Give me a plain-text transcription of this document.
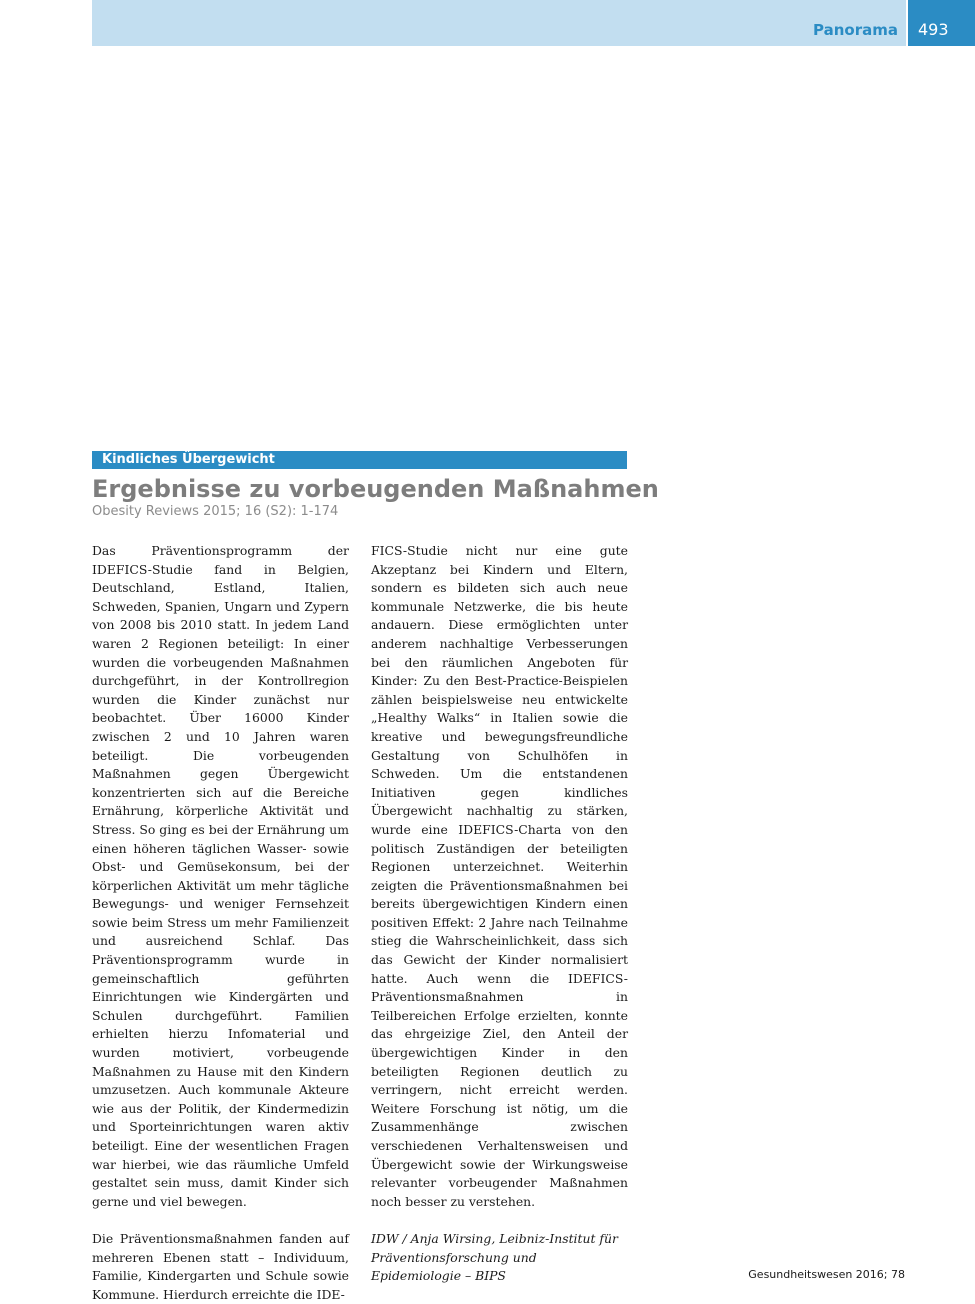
Panorama 493
Kindliches Übergewicht
Ergebnisse zu vorbeugenden Maßnahmen
Obesity Reviews 2015; 16 (S2): 1-174

Das Präventionsprogramm der IDEFICS-Studie fand in Belgien, Deutschland, Estland, Italien, Schweden, Spanien, Ungarn und Zypern von 2008 bis 2010 statt. In jedem Land waren 2 Regionen beteiligt: In einer wurden die vorbeugenden Maßnahmen durchgeführt, in der Kontrollregion wurden die Kinder zunächst nur beobachtet. Über 16000 Kinder zwischen 2 und 10 Jahren waren beteiligt. Die vorbeugenden Maßnahmen gegen Übergewicht konzentrierten sich auf die Bereiche Ernährung, körperliche Aktivität und Stress. So ging es bei der Ernährung um einen höheren täglichen Wasser- sowie Obst- und Gemüsekonsum, bei der körperlichen Aktivität um mehr tägliche Bewegungs- und weniger Fernsehzeit sowie beim Stress um mehr Familienzeit und ausreichend Schlaf. Das Präventionsprogramm wurde in gemeinschaftlich geführten Einrichtungen wie Kindergärten und Schulen durchgeführt. Familien erhielten hierzu Infomaterial und wurden motiviert, vorbeugende Maßnahmen zu Hause mit den Kindern umzusetzen. Auch kommunale Akteure wie aus der Politik, der Kindermedizin und Sporteinrichtungen waren aktiv beteiligt. Eine der wesentlichen Fragen war hierbei, wie das räumliche Umfeld gestaltet sein muss, damit Kinder sich gerne und viel bewegen.

Die Präventionsmaßnahmen fanden auf mehreren Ebenen statt – Individuum, Familie, Kindergarten und Schule sowie Kommune. Hierdurch erreichte die IDE-

FICS-Studie nicht nur eine gute Akzeptanz bei Kindern und Eltern, sondern es bildeten sich auch neue kommunale Netzwerke, die bis heute andauern. Diese ermöglichten unter anderem nachhaltige Verbesserungen bei den räumlichen Angeboten für Kinder: Zu den Best-Practice-Beispielen zählen beispielsweise neu entwickelte „Healthy Walks“ in Italien sowie die kreative und bewegungsfreundliche Gestaltung von Schulhöfen in Schweden. Um die entstandenen Initiativen gegen kindliches Übergewicht nachhaltig zu stärken, wurde eine IDEFICS-Charta von den politisch Zuständigen der beteiligten Regionen unterzeichnet. Weiterhin zeigten die Präventionsmaßnahmen bei bereits übergewichtigen Kindern einen positiven Effekt: 2 Jahre nach Teilnahme stieg die Wahrscheinlichkeit, dass sich das Gewicht der Kinder normalisiert hatte. Auch wenn die IDEFICS-Präventionsmaßnahmen in Teilbereichen Erfolge erzielten, konnte das ehrgeizige Ziel, den Anteil der übergewichtigen Kinder in den beteiligten Regionen deutlich zu verringern, nicht erreicht werden. Weitere Forschung ist nötig, um die Zusammenhänge zwischen verschiedenen Verhaltensweisen und Übergewicht sowie der Wirkungsweise relevanter vorbeugender Maßnahmen noch besser zu verstehen.

IDW / Anja Wirsing, Leibniz-Institut für Präventionsforschung und Epidemiologie – BIPS	Gesundheitswesen 2016; 78
